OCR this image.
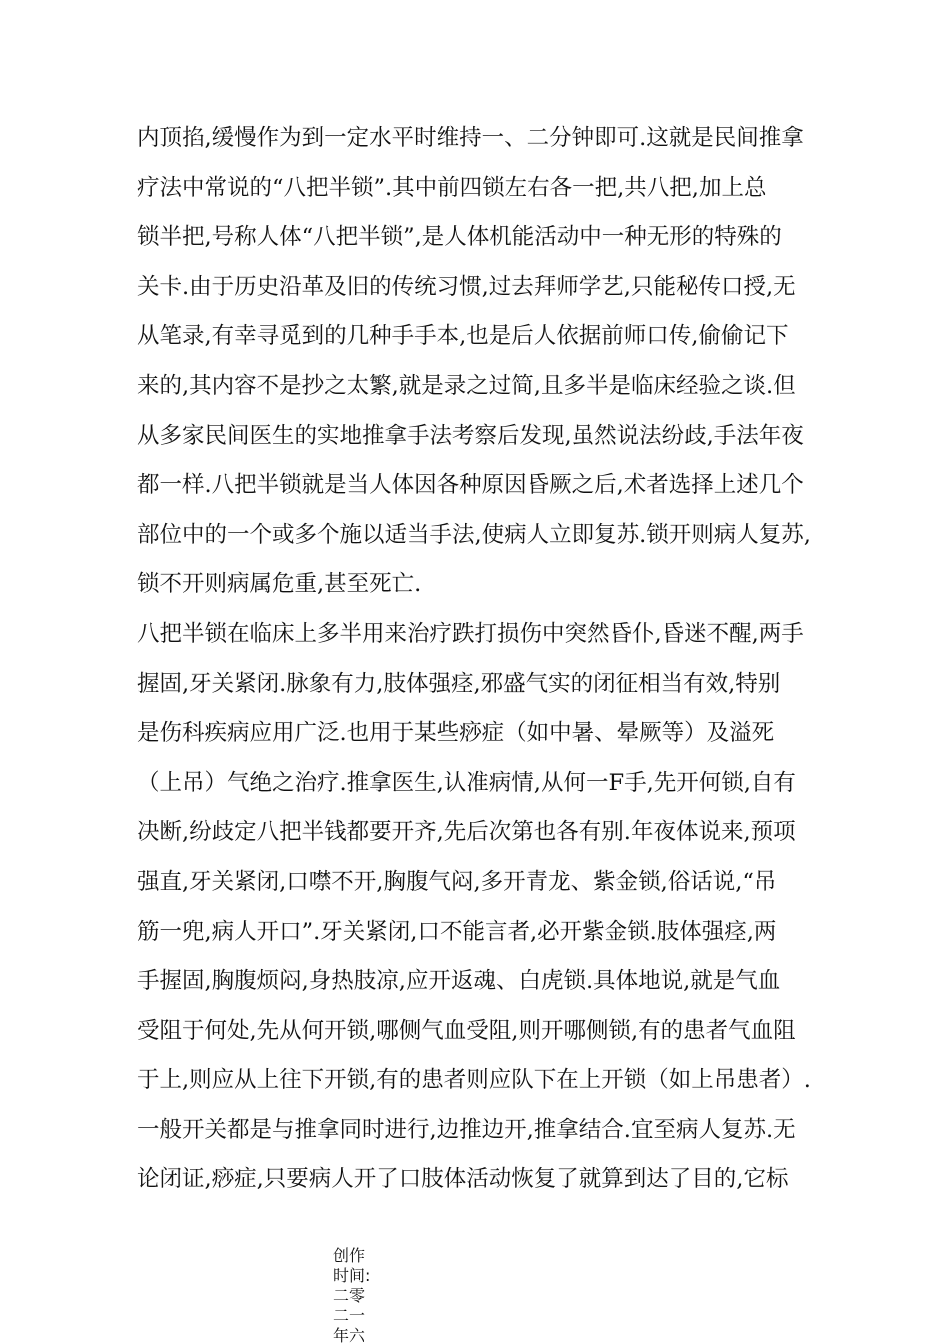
内顶掐,缓慢作为到一定水平时维持一、二分钟即可.这就是民间推拿
疗法中常说的“八把半锁”.其中前四锁左右各一把,共八把,加上总
锁半把,号称人体“八把半锁”,是人体机能活动中一种无形的特殊的
关卡.由于历史沿革及旧的传统习惯,过去拜师学艺,只能秘传口授,无
从笔录,有幸寻觅到的几种手手本,也是后人依据前师口传,偷偷记下
来的,其内容不是抄之太繁,就是录之过简,且多半是临床经验之谈.但
从多家民间医生的实地推拿手法考察后发现,虽然说法纷歧,手法年夜
都一样.八把半锁就是当人体因各种原因昏厥之后,术者选择上述几个
部位中的一个或多个施以适当手法,使病人立即复苏.锁开则病人复苏,
锁不开则病属危重,甚至死亡.
八把半锁在临床上多半用来治疗跌打损伤中突然昏仆,昏迷不醒,两手
握固,牙关紧闭.脉象有力,肢体强痉,邪盛气实的闭征相当有效,特别
是伤科疾病应用广泛.也用于某些痧症（如中暑、晕厥等）及溢死
（上吊）气绝之治疗.推拿医生,认准病情,从何一F手,先开何锁,自有
决断,纷歧定八把半钱都要开齐,先后次第也各有别.年夜体说来,预项
强直,牙关紧闭,口噤不开,胸腹气闷,多开青龙、紫金锁,俗话说,“吊
筋一兜,病人开口”.牙关紧闭,口不能言者,必开紫金锁.肢体强痉,两
手握固,胸腹烦闷,身热肢凉,应开返魂、白虎锁.具体地说,就是气血
受阻于何处,先从何开锁,哪侧气血受阻,则开哪侧锁,有的患者气血阻
于上,则应从上往下开锁,有的患者则应队下在上开锁（如上吊患者）.
一般开关都是与推拿同时进行,边推边开,推拿结合.宜至病人复苏.无
论闭证,痧症,只要病人开了口肢体活动恢复了就算到达了目的,它标
创作时间:二零二一年六
